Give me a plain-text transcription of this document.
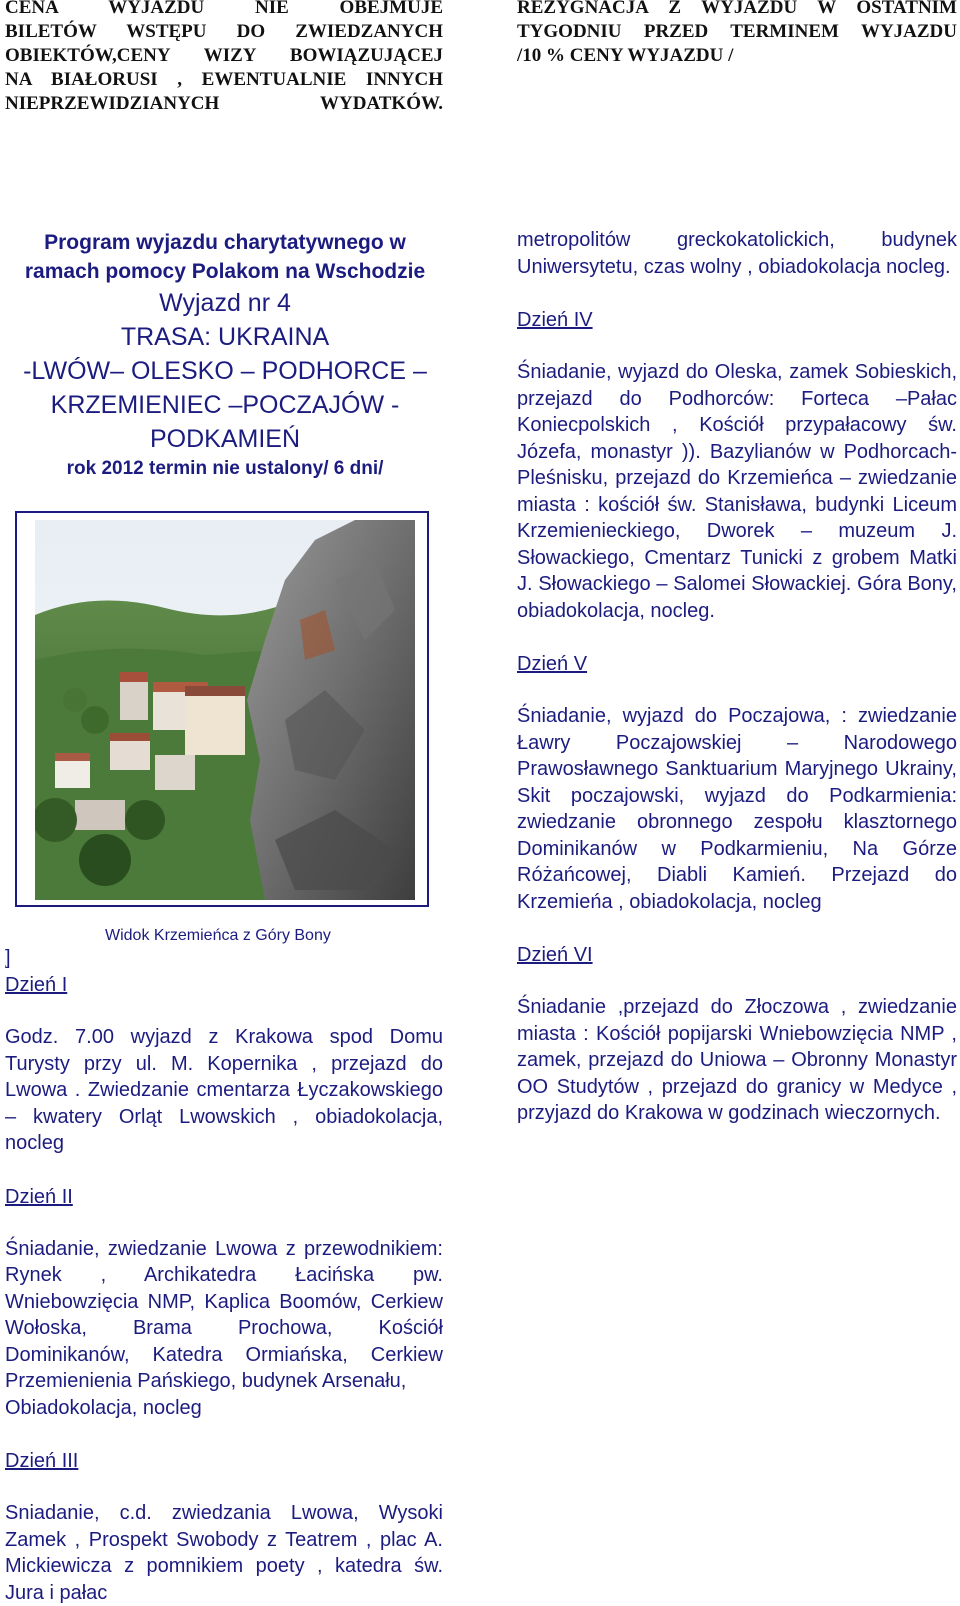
CENA WYJAZDU NIE OBEJMUJE
BILETÓW WSTĘPU DO ZWIEDZANYCH
OBIEKTÓW,CENY WIZY BOWIĄZUJĄCEJ
NA BIAŁORUSI , EWENTUALNIE INNYCH
NIEPRZEWIDZIANYCH WYDATKÓW.
REZYGNACJA Z WYJAZDU W OSTATNIM
TYGODNIU PRZED TERMINEM WYJAZDU
/10 % CENY WYJAZDU /
Program wyjazdu charytatywnego w
ramach pomocy Polakom na Wschodzie
Wyjazd nr 4
TRASA: UKRAINA
-LWÓW– OLESKO – PODHORCE –
KRZEMIENIEC –POCZAJÓW -
PODKAMIEŃ
rok 2012 termin nie ustalony/ 6 dni/
Widok Krzemieńca z Góry Bony
]

Dzień I

Godz. 7.00 wyjazd z Krakowa spod Domu Turysty przy ul. M. Kopernika , przejazd do Lwowa . Zwiedzanie cmentarza Łyczakowskiego – kwatery Orląt Lwowskich , obiadokolacja, nocleg

Dzień II

Śniadanie, zwiedzanie Lwowa z przewodnikiem: Rynek , Archikatedra Łacińska pw. Wniebowzięcia NMP, Kaplica Boomów, Cerkiew Wołoska, Brama Prochowa, Kościół Dominikanów, Katedra Ormiańska, Cerkiew Przemienienia Pańskiego, budynek Arsenału,

Obiadokolacja, nocleg

Dzień III

Sniadanie, c.d. zwiedzania Lwowa, Wysoki Zamek , Prospekt Swobody z Teatrem , plac A. Mickiewicza z pomnikiem poety , katedra św. Jura i pałac

metropolitów greckokatolickich, budynek Uniwersytetu, czas wolny , obiadokolacja nocleg.

Dzień IV

Śniadanie, wyjazd do Oleska, zamek Sobieskich, przejazd do Podhorców: Forteca –Pałac Koniecpolskich , Kościół przypałacowy św. Józefa, monastyr )). Bazylianów w Podhorcach- Pleśnisku, przejazd do Krzemieńca – zwiedzanie miasta : kościół św. Stanisława, budynki Liceum Krzemienieckiego, Dworek – muzeum J. Słowackiego, Cmentarz Tunicki z grobem Matki J. Słowackiego – Salomei Słowackiej. Góra Bony, obiadokolacja, nocleg.

Dzień V

Śniadanie, wyjazd do Poczajowa, : zwiedzanie Ławry Poczajowskiej – Narodowego Prawosławnego Sanktuarium Maryjnego Ukrainy, Skit poczajowski, wyjazd do Podkarmienia: zwiedzanie obronnego zespołu klasztornego Dominikanów w Podkarmieniu, Na Górze Różańcowej, Diabli Kamień. Przejazd do Krzemieńa , obiadokolacja, nocleg

Dzień VI

Śniadanie ,przejazd do Złoczowa , zwiedzanie miasta : Kościół popijarski Wniebowzięcia NMP , zamek, przejazd do Uniowa – Obronny Monastyr OO Studytów , przejazd do granicy w Medyce , przyjazd do Krakowa w godzinach wieczornych.
